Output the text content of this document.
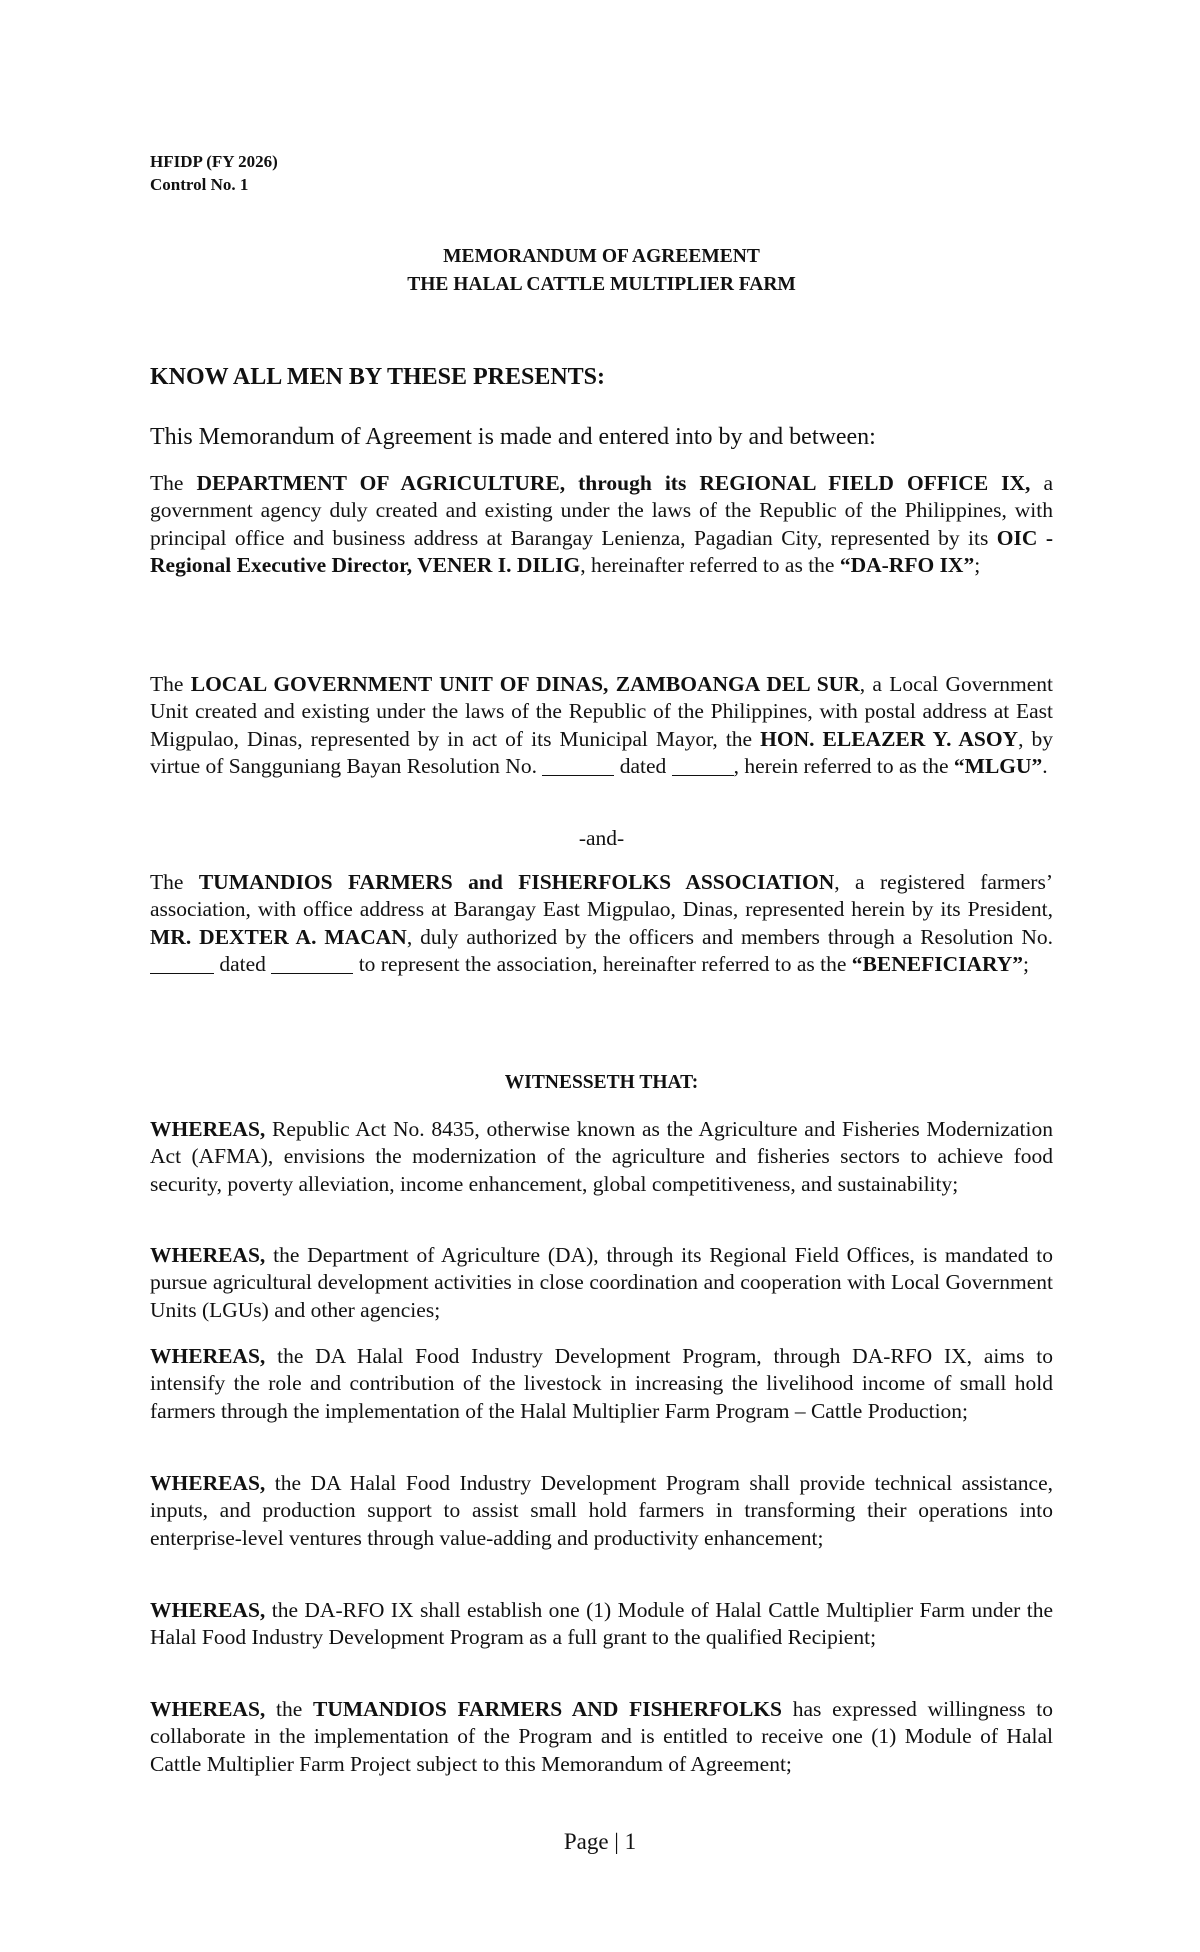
HFIDP (FY 2026)
Control No. 1
MEMORANDUM OF AGREEMENT
THE HALAL CATTLE MULTIPLIER FARM
KNOW ALL MEN BY THESE PRESENTS:
This Memorandum of Agreement is made and entered into by and between:
The DEPARTMENT OF AGRICULTURE, through its REGIONAL FIELD OFFICE IX, a government agency duly created and existing under the laws of the Republic of the Philippines, with principal office and business address at Barangay Lenienza, Pagadian City, represented by its OIC - Regional Executive Director, VENER I. DILIG, hereinafter referred to as the “DA-RFO IX”;
The LOCAL GOVERNMENT UNIT OF DINAS, ZAMBOANGA DEL SUR, a Local Government Unit created and existing under the laws of the Republic of the Philippines, with postal address at East Migpulao, Dinas, represented by in act of its Municipal Mayor, the HON. ELEAZER Y. ASOY, by virtue of Sangguniang Bayan Resolution No.	dated	, herein referred to as the “MLGU”.
-and-
The TUMANDIOS FARMERS and FISHERFOLKS ASSOCIATION, a registered farmers’ association, with office address at Barangay East Migpulao, Dinas, represented herein by its President, MR. DEXTER A. MACAN, duly authorized by the officers and members through a Resolution No.  dated	to represent the association, hereinafter referred to as the “BENEFICIARY”;
WITNESSETH THAT:
WHEREAS, Republic Act No. 8435, otherwise known as the Agriculture and Fisheries Modernization Act (AFMA), envisions the modernization of the agriculture and fisheries sectors to achieve food security, poverty alleviation, income enhancement, global competitiveness, and sustainability;
WHEREAS, the Department of Agriculture (DA), through its Regional Field Offices, is mandated to pursue agricultural development activities in close coordination and cooperation with Local Government Units (LGUs) and other agencies;
WHEREAS, the DA Halal Food Industry Development Program, through DA-RFO IX, aims to intensify the role and contribution of the livestock in increasing the livelihood income of small hold farmers through the implementation of the Halal Multiplier Farm Program – Cattle Production;
WHEREAS, the DA Halal Food Industry Development Program shall provide technical assistance, inputs, and production support to assist small hold farmers in transforming their operations into enterprise-level ventures through value-adding and productivity enhancement;
WHEREAS, the DA-RFO IX shall establish one (1) Module of Halal Cattle Multiplier Farm under the Halal Food Industry Development Program as a full grant to the qualified Recipient;
WHEREAS, the TUMANDIOS FARMERS AND FISHERFOLKS has expressed willingness to collaborate in the implementation of the Program and is entitled to receive one (1) Module of Halal Cattle Multiplier Farm Project subject to this Memorandum of Agreement;
Page | 1
